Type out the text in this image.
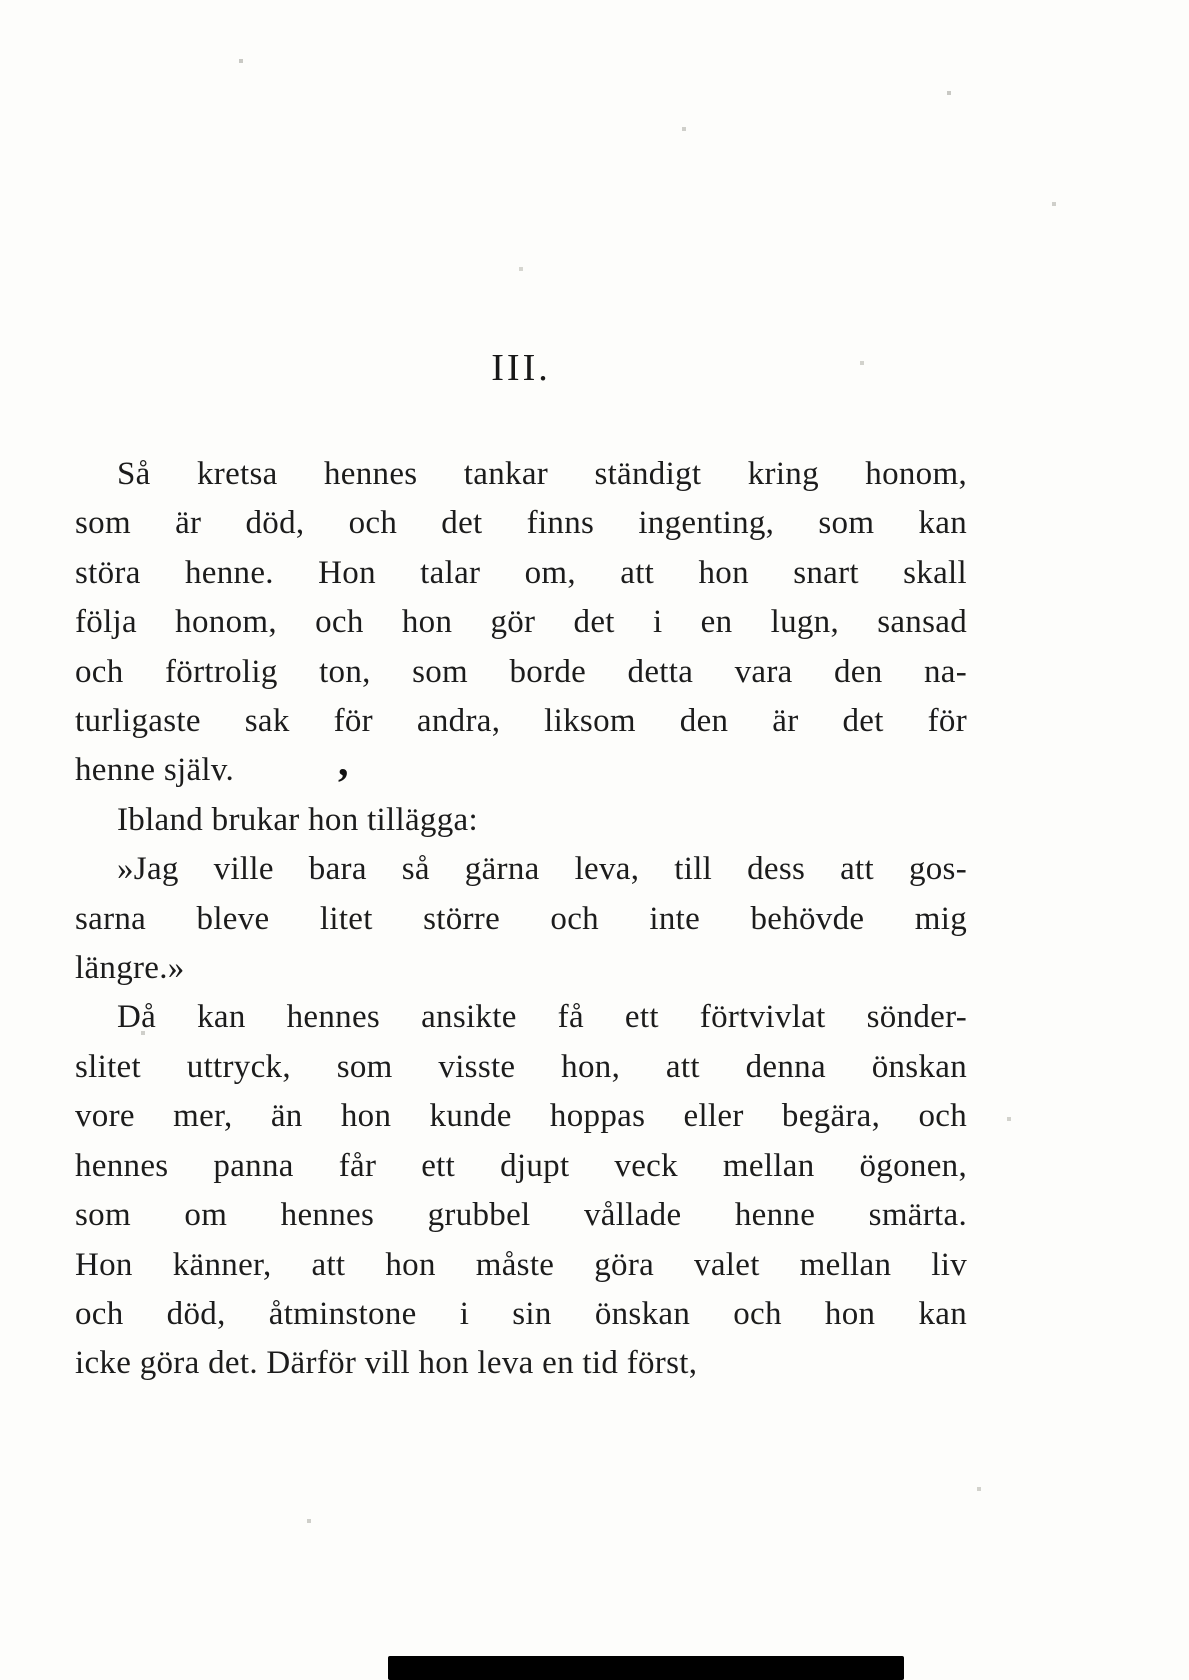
III.
Så kretsa hennes tankar ständigt kring honom,
som är död, och det finns ingenting, som kan
störa henne. Hon talar om, att hon snart skall
följa honom, och hon gör det i en lugn, sansad
och förtrolig ton, som borde detta vara den na-
turligaste sak för andra, liksom den är det för
henne själv.
Ibland brukar hon tillägga:
»Jag ville bara så gärna leva, till dess att gos-
sarna bleve litet större och inte behövde mig
längre.»
Då kan hennes ansikte få ett förtvivlat sönder-
slitet uttryck, som visste hon, att denna önskan
vore mer, än hon kunde hoppas eller begära, och
hennes panna får ett djupt veck mellan ögonen,
som om hennes grubbel vållade henne smärta.
Hon känner, att hon måste göra valet mellan liv
och död, åtminstone i sin önskan och hon kan
icke göra det. Därför vill hon leva en tid först,
,
